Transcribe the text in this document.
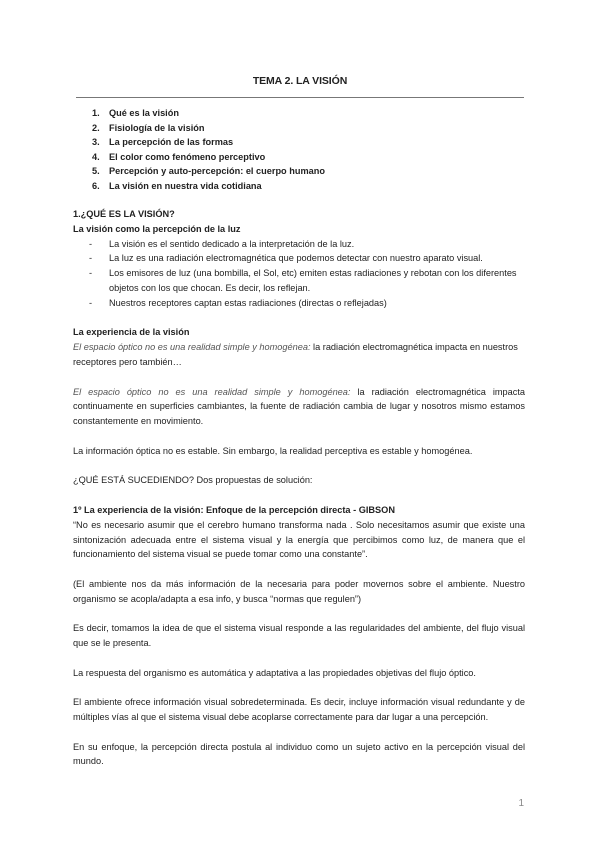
TEMA 2. LA VISIÓN
1. Qué es la visión
2. Fisiología de la visión
3. La percepción de las formas
4. El color como fenómeno perceptivo
5. Percepción y auto-percepción: el cuerpo humano
6. La visión en nuestra vida cotidiana

1.¿QUÉ ES LA VISIÓN?

La visión como la percepción de la luz

- La visión es el sentido dedicado a la interpretación de la luz.
- La luz es una radiación electromagnética que podemos detectar con nuestro aparato visual.
- Los emisores de luz (una bombilla, el Sol, etc) emiten estas radiaciones y rebotan con los diferentes objetos con los que chocan. Es decir, los reflejan.
- Nuestros receptores captan estas radiaciones (directas o reflejadas)

La experiencia de la visión

El espacio óptico no es una realidad simple y homogénea: la radiación electromagnética impacta en nuestros receptores pero también…

El espacio óptico no es una realidad simple y homogénea: la radiación electromagnética impacta continuamente en superficies cambiantes, la fuente de radiación cambia de lugar y nosotros mismo estamos constantemente en movimiento.

La información óptica no es estable. Sin embargo, la realidad perceptiva es estable y homogénea.

¿QUÉ ESTÁ SUCEDIENDO? Dos propuestas de solución:

1º La experiencia de la visión: Enfoque de la percepción directa - GIBSON

“No es necesario asumir que el cerebro humano transforma nada . Solo necesitamos asumir que existe una sintonización adecuada entre el sistema visual y la energía que percibimos como luz, de manera que el funcionamiento del sistema visual se puede tomar como una constante”.

(El ambiente nos da más información de la necesaria para poder movernos sobre el ambiente. Nuestro organismo se acopla/adapta a esa info, y busca “normas que regulen”)

Es decir, tomamos la idea de que el sistema visual responde a las regularidades del ambiente, del flujo visual que se le presenta.

La respuesta del organismo es automática y adaptativa a las propiedades objetivas del flujo óptico.

El ambiente ofrece información visual sobredeterminada. Es decir, incluye información visual redundante y de múltiples vías al que el sistema visual debe acoplarse correctamente para dar lugar a una percepción.

En su enfoque, la percepción directa postula al individuo como un sujeto activo en la percepción visual del mundo.

1
